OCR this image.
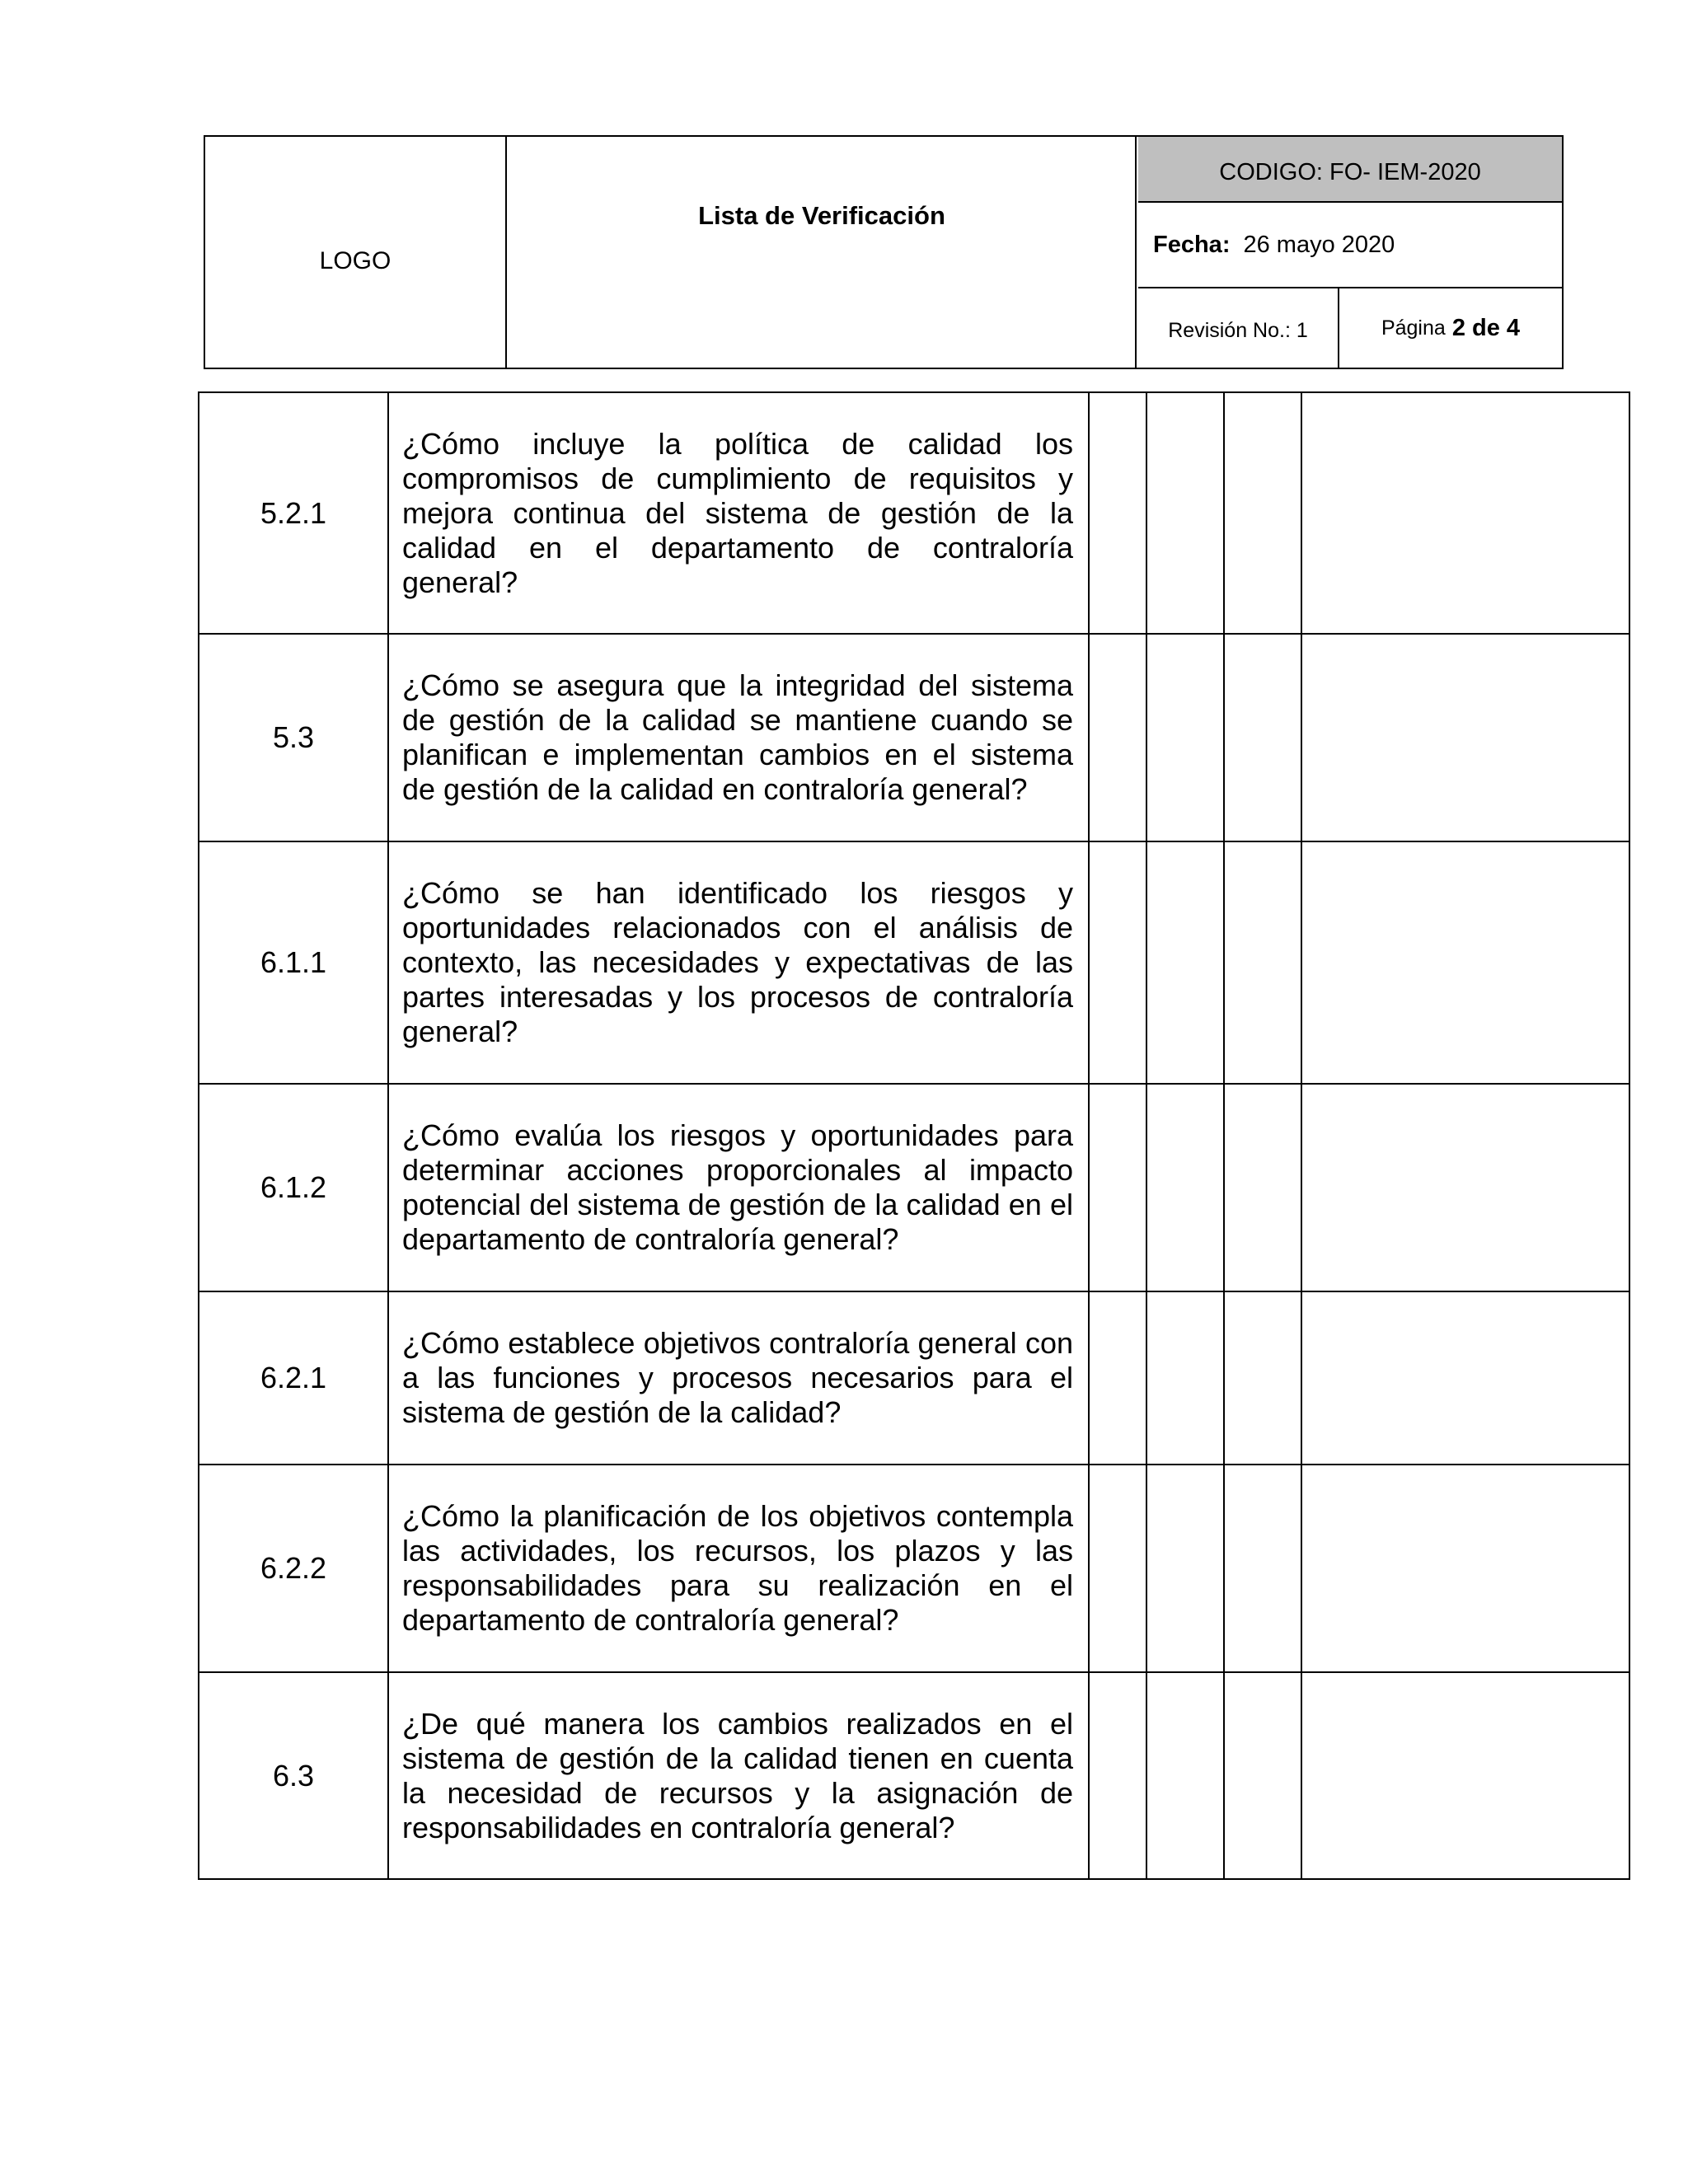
LOGO
Lista de Verificación
CODIGO: FO- IEM-2020
Fecha: 26 mayo 2020
Revisión No.: 1	Página 2 de 4
5.2.1	¿Cómo incluye la política de calidad los compromisos de cumplimiento de requisitos y mejora continua del sistema de gestión de la calidad en el departamento de contraloría general?				
5.3	¿Cómo se asegura que la integridad del sistema de gestión de la calidad se mantiene cuando se planifican e implementan cambios en el sistema de gestión de la calidad en contraloría general?				
6.1.1	¿Cómo se han identificado los riesgos y oportunidades relacionados con el análisis de contexto, las necesidades y expectativas de las partes interesadas y los procesos de contraloría general?				
6.1.2	¿Cómo evalúa los riesgos y oportunidades para determinar acciones proporcionales al impacto potencial del sistema de gestión de la calidad en el departamento de contraloría general?				
6.2.1	¿Cómo establece objetivos contraloría general con a las funciones y procesos necesarios para el sistema de gestión de la calidad?				
6.2.2	¿Cómo la planificación de los objetivos contempla las actividades, los recursos, los plazos y las responsabilidades para su realización en el departamento de contraloría general?				
6.3	¿De qué manera los cambios realizados en el sistema de gestión de la calidad tienen en cuenta la necesidad de recursos y la asignación de responsabilidades en contraloría general?				
